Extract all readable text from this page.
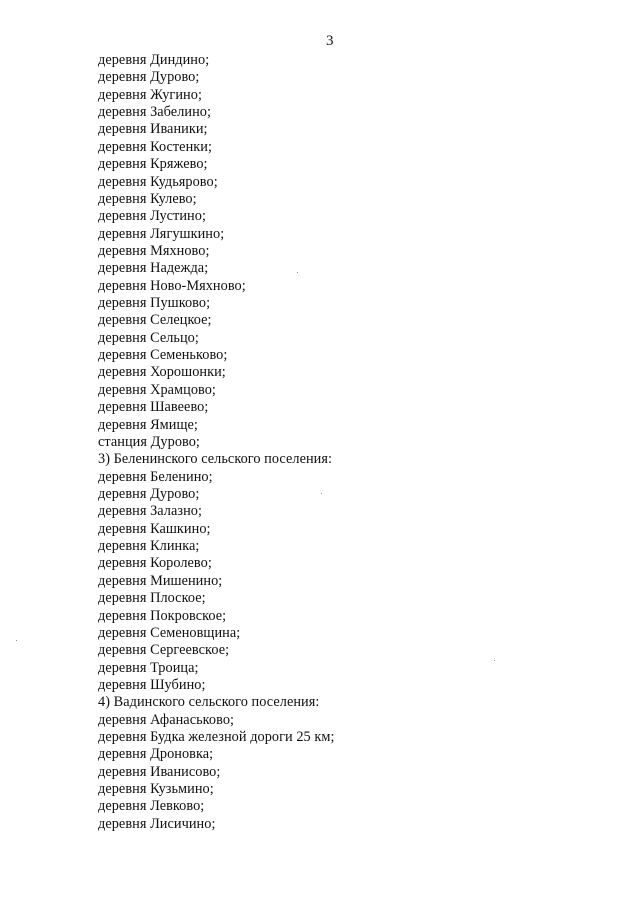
3
деревня Диндино;
деревня Дурово;
деревня Жугино;
деревня Забелино;
деревня Иваники;
деревня Костенки;
деревня Кряжево;
деревня Кудьярово;
деревня Кулево;
деревня Лустино;
деревня Лягушкино;
деревня Мяхново;
деревня Надежда;
деревня Ново-Мяхново;
деревня Пушково;
деревня Селецкое;
деревня Сельцо;
деревня Семеньково;
деревня Хорошонки;
деревня Храмцово;
деревня Шавеево;
деревня Ямище;
станция Дурово;
3) Беленинского сельского поселения:
деревня Беленино;
деревня Дурово;
деревня Залазно;
деревня Кашкино;
деревня Клинка;
деревня Королево;
деревня Мишенино;
деревня Плоское;
деревня Покровское;
деревня Семеновщина;
деревня Сергеевское;
деревня Троица;
деревня Шубино;
4) Вадинского сельского поселения:
деревня Афанаськово;
деревня Будка железной дороги 25 км;
деревня Дроновка;
деревня Иванисово;
деревня Кузьмино;
деревня Левково;
деревня Лисичино;
